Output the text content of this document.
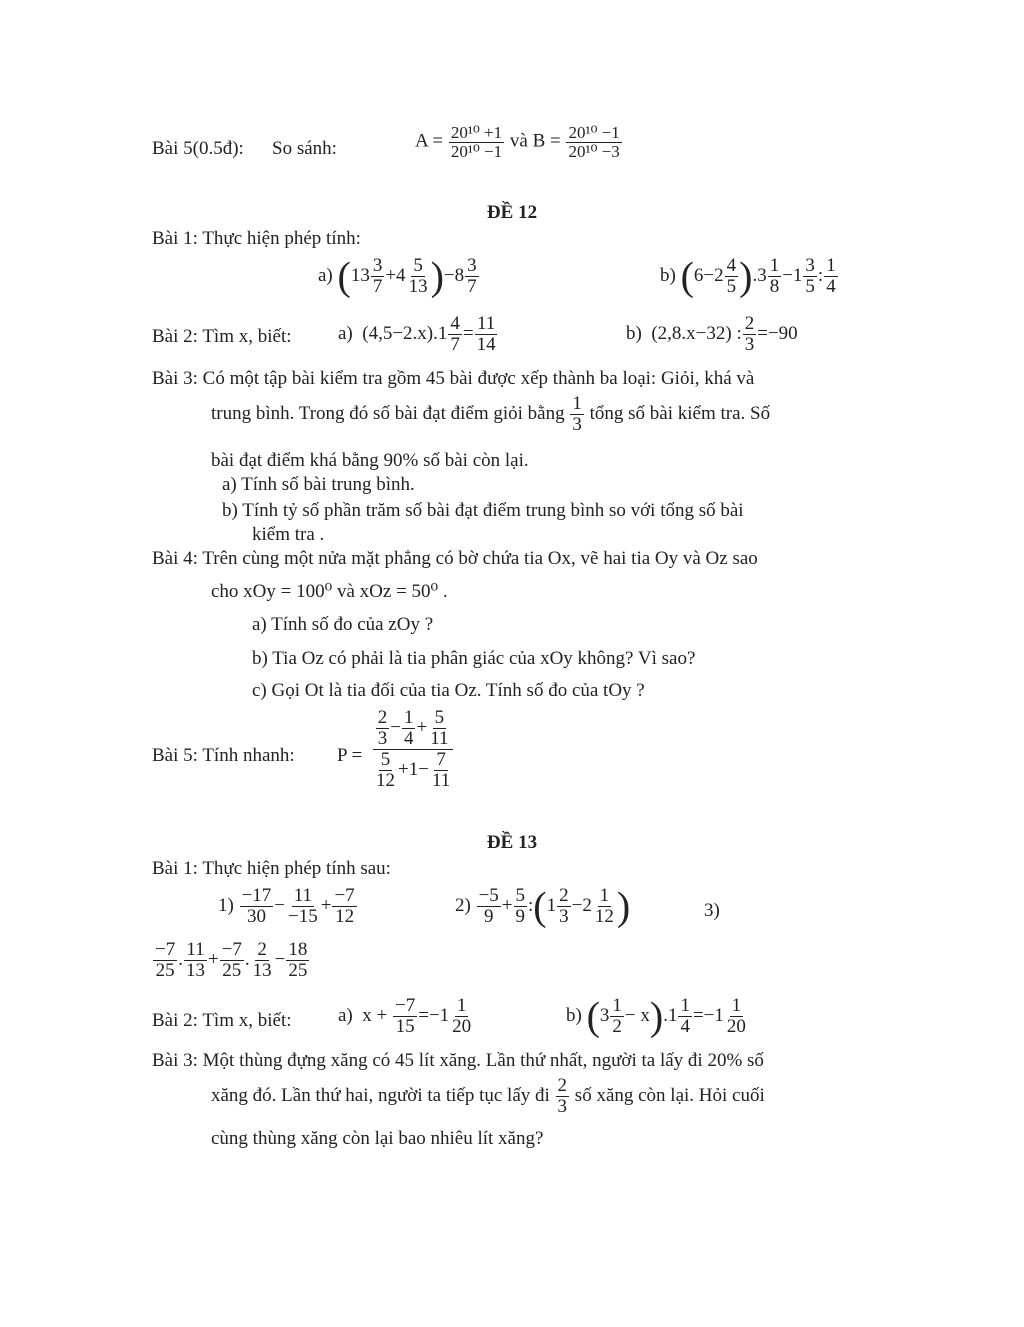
Bài 5(0.5đ): So sánh:	$A = \frac{\text{20¹⁰ +1}}{\text{20¹⁰ −1}}$ và $B = \frac{\text{20¹⁰ −1}}{\text{20¹⁰ −3}}$
ĐỀ 12
Bài 1: Thực hiện phép tính:
a) $(13 \frac{3}{7} +4 \frac{5}{13} )-8 \frac{3}{7}$	b) $(6-2 \frac{4}{5} ).3 \frac{1}{8} -1 \frac{3}{5}$ : $\frac{1}{4}$
Bài 2: Tìm x, biết: a) $(4,5-2.x).1 \frac{4}{7} = \frac{11}{14}$	b) (2,8.x−32) : $\frac{2}{3} =-90$
Bài 3: Có một tập bài kiểm tra gồm 45 bài được xếp thành ba loại: Giỏi, khá và
trung bình. Trong đó số bài đạt điểm giỏi bằng $\frac{1}{3}$ tổng số bài kiểm tra. Số
bài đạt điểm khá bằng 90% số bài còn lại.
a) Tính số bài trung bình.
b) Tính tỷ số phần trăm số bài đạt điểm trung bình so với tổng số bài
kiểm tra .
Bài 4: Trên cùng một nửa mặt phẳng có bờ chứa tia Ox, vẽ hai tia Oy và Oz sao
cho xOy = 100⁰ và xOz = 50⁰ .
a) Tính số đo của zOy ?
b) Tia Oz có phải là tia phân giác của xOy không? Vì sao?
c) Gọi Ot là tia đối của tia Oz. Tính số đo của tOy ?
Bài 5: Tính nhanh: $P = \frac{\frac{2}{3} - \frac{1}{4} + \frac{5}{11}}{\frac{5}{12} +1- \frac{7}{11}}$
ĐỀ 13
Bài 1: Thực hiện phép tính sau:
$1) \frac{-17}{30} - \frac{11}{-15} + \frac{-7}{12}$	$2) \frac{-5}{9} + \frac{5}{9}$ :(1 $\frac{2}{3} -2 \frac{1}{12}$ )	3)
$\frac{-7}{25}$ . $\frac{11}{13} + \frac{-7}{25}$ . $\frac{2}{13} - \frac{18}{25}$
Bài 2: Tìm x, biết: a) $x + \frac{-7}{15} =-1 \frac{1}{20}$	b) $(3 \frac{1}{2} - x).1 \frac{1}{4} =-1 \frac{1}{20}$
Bài 3: Một thùng đựng xăng có 45 lít xăng. Lần thứ nhất, người ta lấy đi 20% số
xăng đó. Lần thứ hai, người ta tiếp tục lấy đi $\frac{2}{3}$ số xăng còn lại. Hỏi cuối
cùng thùng xăng còn lại bao nhiêu lít xăng?
